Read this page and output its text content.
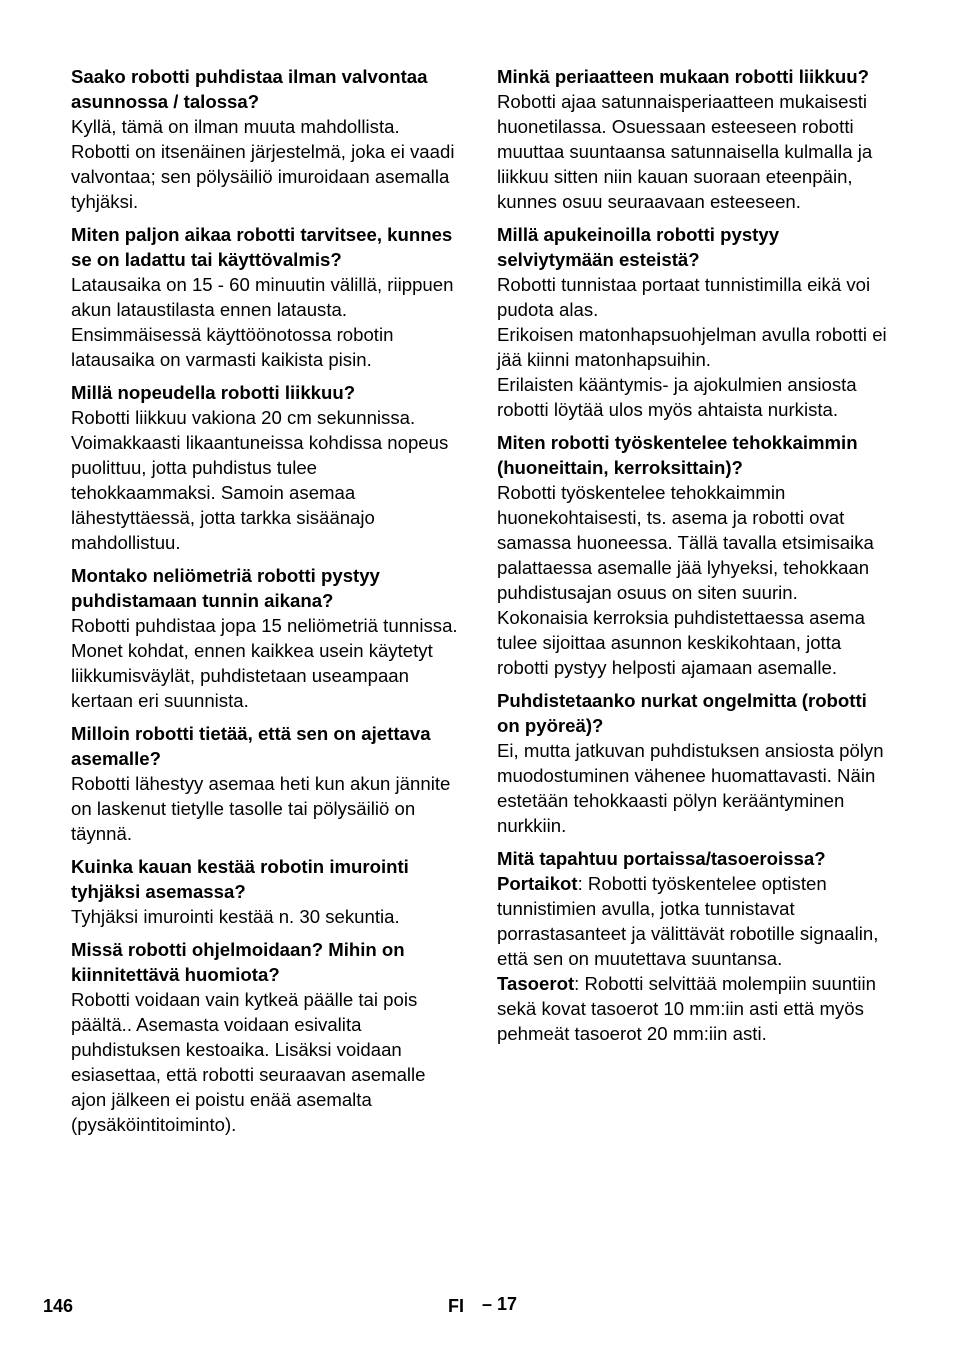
Saako robotti puhdistaa ilman valvontaa asunnossa / talossa?

Kyllä, tämä on ilman muuta mahdollista. Robotti on itsenäinen järjestelmä, joka ei vaadi valvontaa; sen pölysäiliö imuroidaan asemalla tyhjäksi.

Miten paljon aikaa robotti tarvitsee, kunnes se on ladattu tai käyttövalmis?

Latausaika on 15 - 60 minuutin välillä, riippuen akun lataustilasta ennen latausta. Ensimmäisessä käyttöönotossa robotin latausaika on varmasti kaikista pisin.

Millä nopeudella robotti liikkuu?

Robotti liikkuu vakiona 20 cm sekunnissa. Voimakkaasti likaantuneissa kohdissa nopeus puolittuu, jotta puhdistus tulee tehokkaammaksi. Samoin asemaa lähestyttäessä, jotta tarkka sisäänajo mahdollistuu.

Montako neliömetriä robotti pystyy puhdistamaan tunnin aikana?

Robotti puhdistaa jopa 15 neliömetriä tunnissa. Monet kohdat, ennen kaikkea usein käytetyt liikkumisväylät, puhdistetaan useampaan kertaan eri suunnista.

Milloin robotti tietää, että sen on ajettava asemalle?

Robotti lähestyy asemaa heti kun akun jännite on laskenut tietylle tasolle tai pölysäiliö on täynnä.

Kuinka kauan kestää robotin imurointi tyhjäksi asemassa?

Tyhjäksi imurointi kestää n. 30 sekuntia.

Missä robotti ohjelmoidaan? Mihin on kiinnitettävä huomiota?

Robotti voidaan vain kytkeä päälle tai pois päältä.. Asemasta voidaan esivalita puhdistuksen kestoaika. Lisäksi voidaan esiasettaa, että robotti seuraavan asemalle ajon jälkeen ei poistu enää asemalta (pysäköintitoiminto).

Minkä periaatteen mukaan robotti liikkuu?

Robotti ajaa satunnaisperiaatteen mukaisesti huonetilassa. Osuessaan esteeseen robotti muuttaa suuntaansa satunnaisella kulmalla ja liikkuu sitten niin kauan suoraan eteenpäin, kunnes osuu seuraavaan esteeseen.

Millä apukeinoilla robotti pystyy selviytymään esteistä?

Robotti tunnistaa portaat tunnistimilla eikä voi pudota alas.

Erikoisen matonhapsuohjelman avulla robotti ei jää kiinni matonhapsuihin.

Erilaisten kääntymis- ja ajokulmien ansiosta robotti löytää ulos myös ahtaista nurkista.

Miten robotti työskentelee tehokkaimmin (huoneittain, kerroksittain)?

Robotti työskentelee tehokkaimmin huonekohtaisesti, ts. asema ja robotti ovat samassa huoneessa. Tällä tavalla etsimisaika palattaessa asemalle jää lyhyeksi, tehokkaan puhdistusajan osuus on siten suurin.

Kokonaisia kerroksia puhdistettaessa asema tulee sijoittaa asunnon keskikohtaan, jotta robotti pystyy helposti ajamaan asemalle.

Puhdistetaanko nurkat ongelmitta (robotti on pyöreä)?

Ei, mutta jatkuvan puhdistuksen ansiosta pölyn muodostuminen vähenee huomattavasti. Näin estetään tehokkaasti pölyn kerääntyminen nurkkiin.

Mitä tapahtuu portaissa/tasoeroissa?

Portaikot: Robotti työskentelee optisten tunnistimien avulla, jotka tunnistavat porrastasanteet ja välittävät robotille signaalin, että sen on muutettava suuntansa.

Tasoerot: Robotti selvittää molempiin suuntiin sekä kovat tasoerot 10 mm:iin asti että myös pehmeät tasoerot 20 mm:iin asti.

146	FI – 17
